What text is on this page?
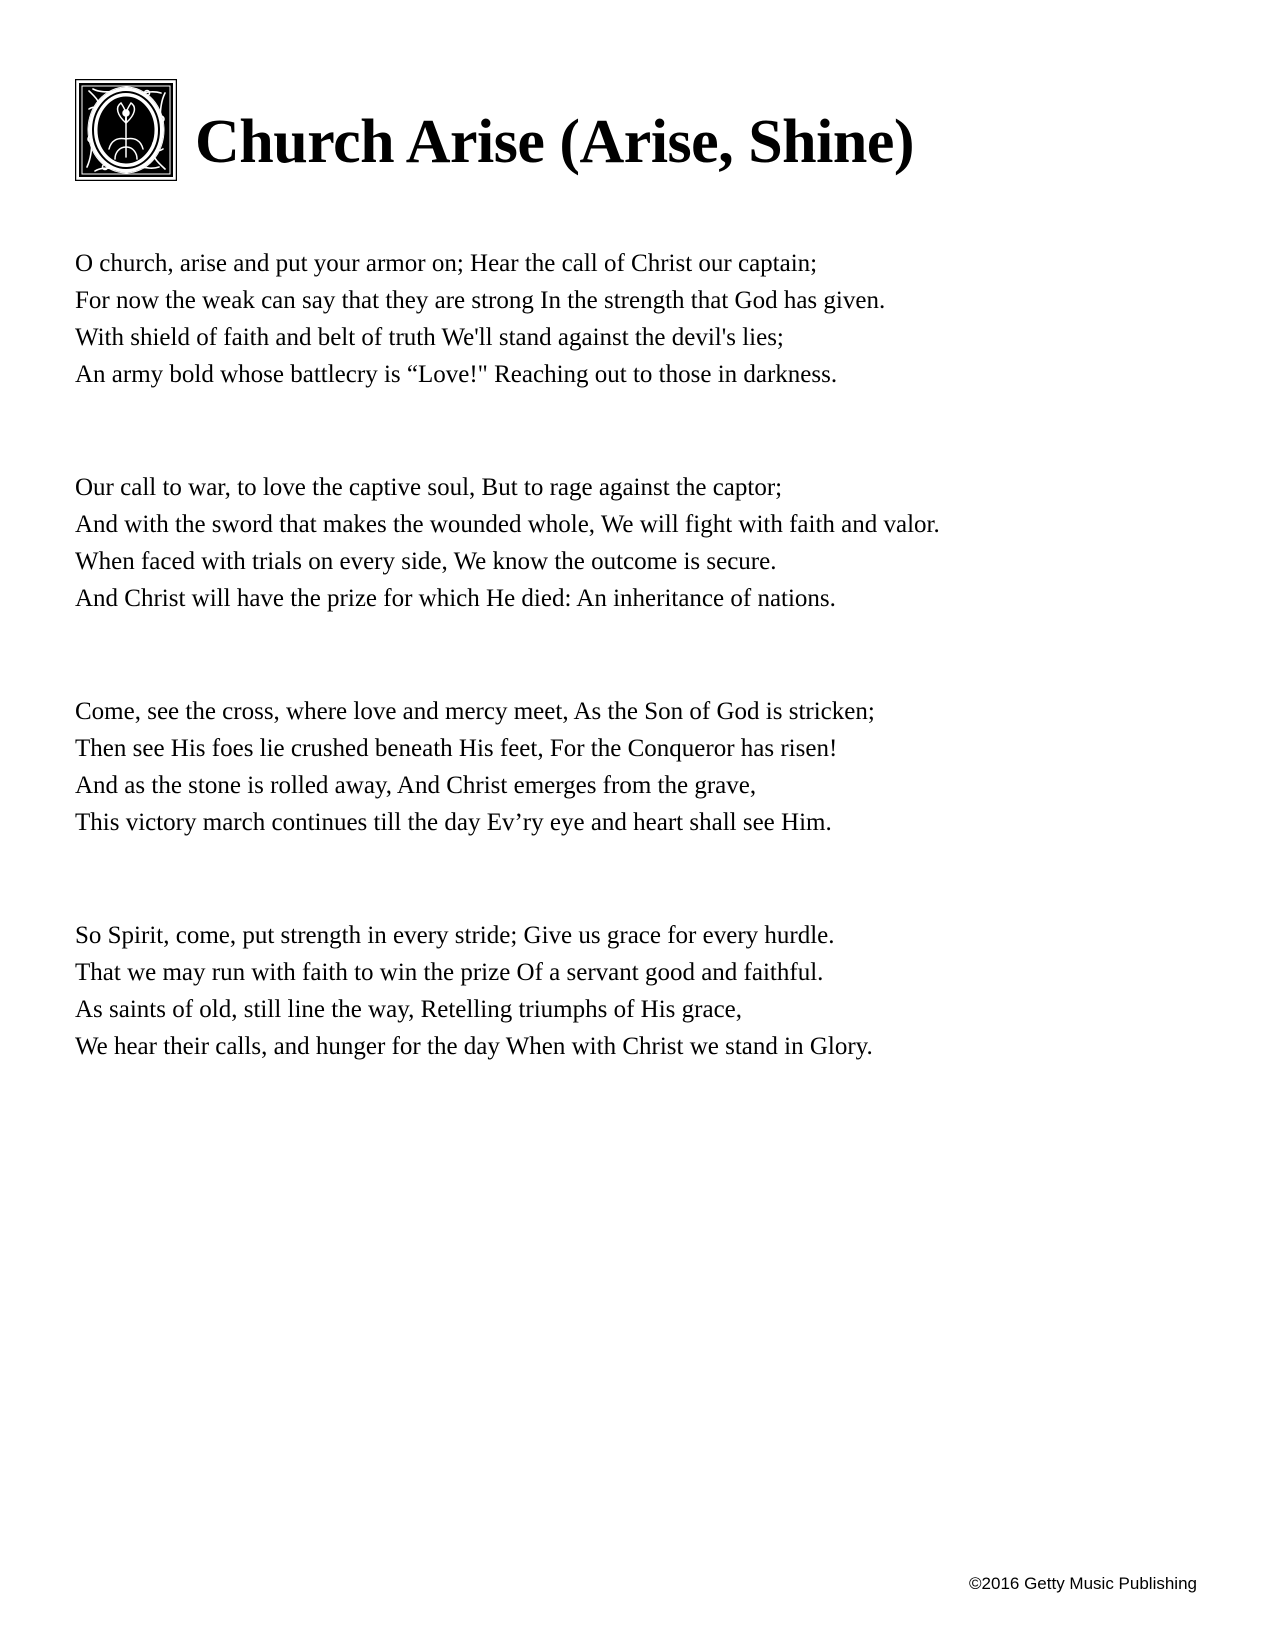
Church Arise (Arise, Shine)
O church, arise and put your armor on; Hear the call of Christ our captain;
For now the weak can say that they are strong In the strength that God has given.
With shield of faith and belt of truth We'll stand against the devil's lies;
An army bold whose battlecry is “Love!" Reaching out to those in darkness.
Our call to war, to love the captive soul, But to rage against the captor;
And with the sword that makes the wounded whole, We will fight with faith and valor.
When faced with trials on every side, We know the outcome is secure.
And Christ will have the prize for which He died: An inheritance of nations.
Come, see the cross, where love and mercy meet, As the Son of God is stricken;
Then see His foes lie crushed beneath His feet, For the Conqueror has risen!
And as the stone is rolled away, And Christ emerges from the grave,
This victory march continues till the day Ev’ry eye and heart shall see Him.
So Spirit, come, put strength in every stride; Give us grace for every hurdle.
That we may run with faith to win the prize Of a servant good and faithful.
As saints of old, still line the way, Retelling triumphs of His grace,
We hear their calls, and hunger for the day When with Christ we stand in Glory.
©2016 Getty Music Publishing
